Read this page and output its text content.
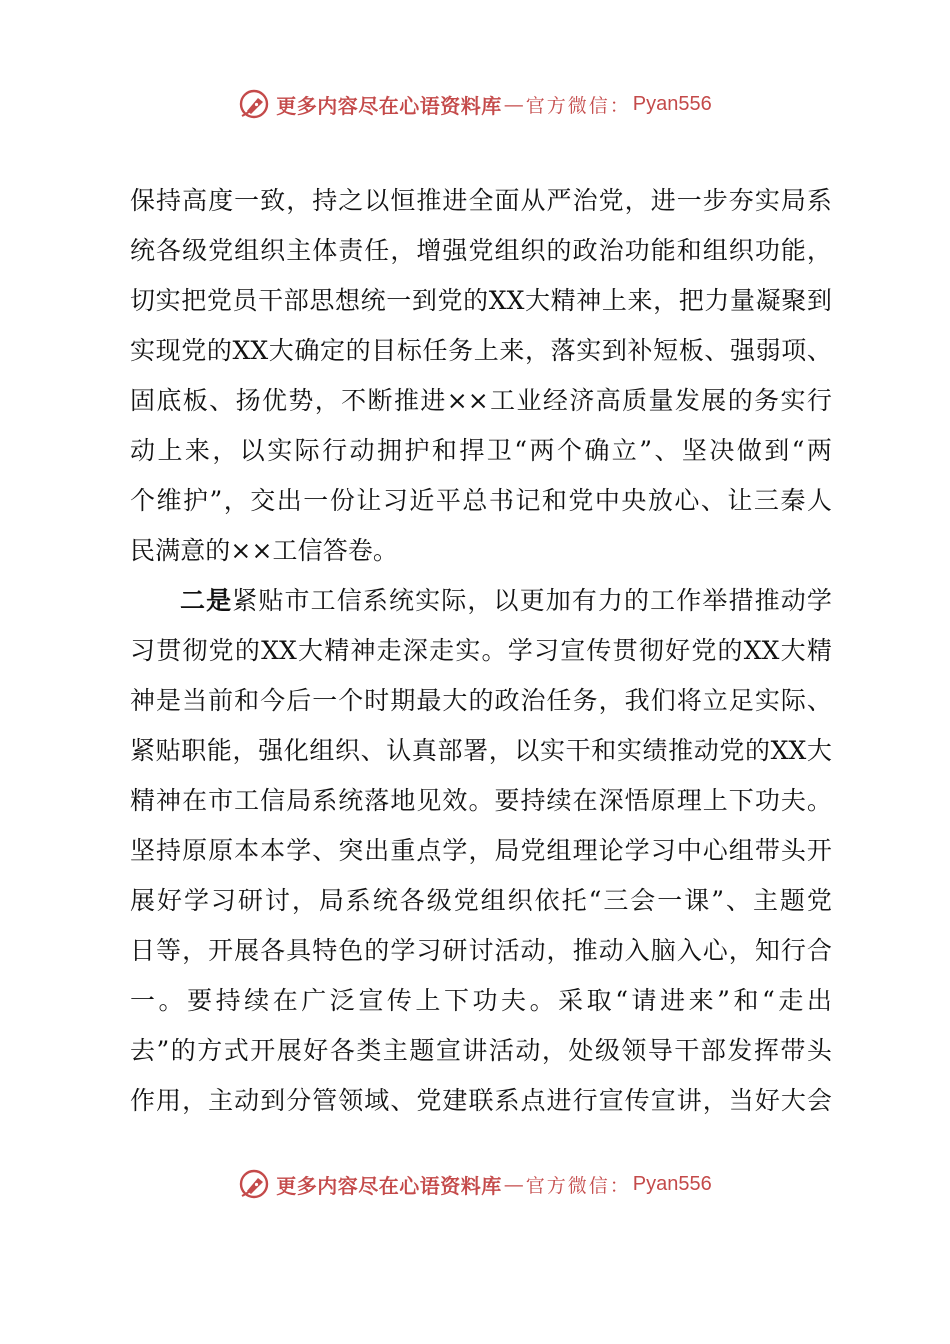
更多内容尽在心语资料库 — 官方微信： Pyan556
保持高度一致，持之以恒推进全面从严治党，进一步夯实局系
统各级党组织主体责任，增强党组织的政治功能和组织功能，
切实把党员干部思想统一到党的XX大精神上来，把力量凝聚到
实现党的XX大确定的目标任务上来，落实到补短板、强弱项、
固底板、扬优势，不断推进××工业经济高质量发展的务实行
动上来，以实际行动拥护和捍卫“两个确立”、坚决做到“两
个维护”，交出一份让习近平总书记和党中央放心、让三秦人
民满意的××工信答卷。
二是紧贴市工信系统实际，以更加有力的工作举措推动学
习贯彻党的XX大精神走深走实。学习宣传贯彻好党的XX大精
神是当前和今后一个时期最大的政治任务，我们将立足实际、
紧贴职能，强化组织、认真部署，以实干和实绩推动党的XX大
精神在市工信局系统落地见效。要持续在深悟原理上下功夫。
坚持原原本本学、突出重点学，局党组理论学习中心组带头开
展好学习研讨，局系统各级党组织依托“三会一课”、主题党
日等，开展各具特色的学习研讨活动，推动入脑入心，知行合
一。要持续在广泛宣传上下功夫。采取“请进来”和“走出
去”的方式开展好各类主题宣讲活动，处级领导干部发挥带头
作用，主动到分管领域、党建联系点进行宣传宣讲，当好大会
更多内容尽在心语资料库 — 官方微信： Pyan556
